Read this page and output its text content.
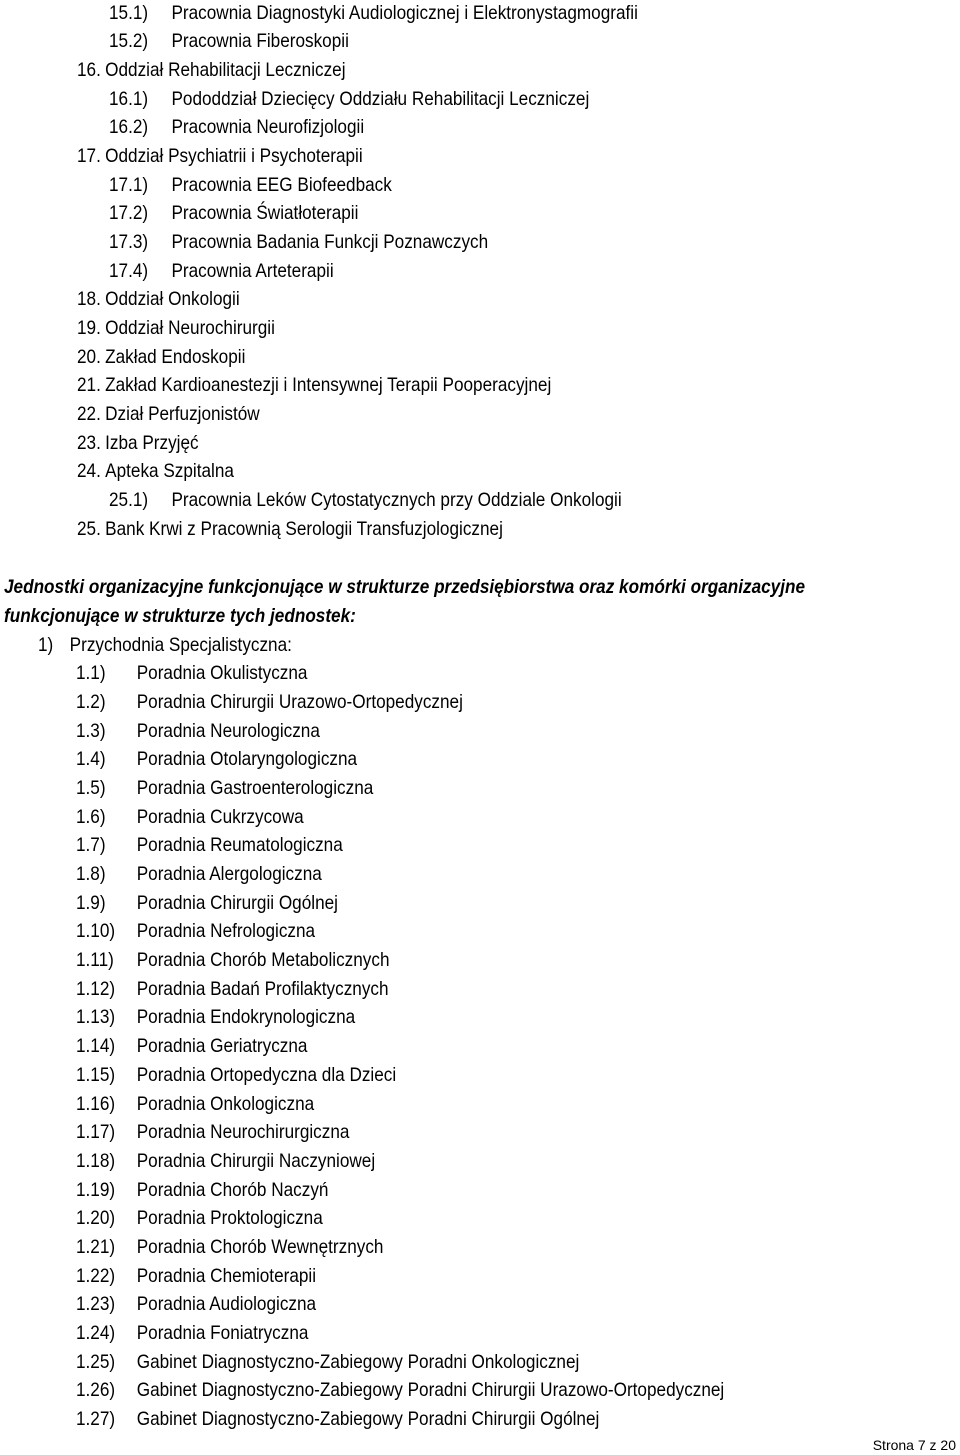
15.1) Pracownia Diagnostyki Audiologicznej i Elektronystagmografii
15.2) Pracownia Fiberoskopii
16. Oddział Rehabilitacji Leczniczej
16.1) Pododdział Dziecięcy Oddziału Rehabilitacji Leczniczej
16.2) Pracownia Neurofizjologii
17. Oddział Psychiatrii i Psychoterapii
17.1) Pracownia EEG Biofeedback
17.2) Pracownia Światłoterapii
17.3) Pracownia Badania Funkcji Poznawczych
17.4) Pracownia Arteterapii
18. Oddział Onkologii
19. Oddział Neurochirurgii
20. Zakład Endoskopii
21. Zakład Kardioanestezji i Intensywnej Terapii Pooperacyjnej
22. Dział Perfuzjonistów
23. Izba Przyjęć
24. Apteka Szpitalna
25.1) Pracownia Leków Cytostatycznych przy Oddziale Onkologii
25. Bank Krwi z Pracownią Serologii Transfuzjologicznej
Jednostki organizacyjne funkcjonujące w strukturze przedsiębiorstwa oraz komórki organizacyjne
funkcjonujące w strukturze tych jednostek:
1) Przychodnia Specjalistyczna:
1.1) Poradnia Okulistyczna
1.2) Poradnia Chirurgii Urazowo-Ortopedycznej
1.3) Poradnia Neurologiczna
1.4) Poradnia Otolaryngologiczna
1.5) Poradnia Gastroenterologiczna
1.6) Poradnia Cukrzycowa
1.7) Poradnia Reumatologiczna
1.8) Poradnia Alergologiczna
1.9) Poradnia Chirurgii Ogólnej
1.10) Poradnia Nefrologiczna
1.11) Poradnia Chorób Metabolicznych
1.12) Poradnia Badań Profilaktycznych
1.13) Poradnia Endokrynologiczna
1.14) Poradnia Geriatryczna
1.15) Poradnia Ortopedyczna dla Dzieci
1.16) Poradnia Onkologiczna
1.17) Poradnia Neurochirurgiczna
1.18) Poradnia Chirurgii Naczyniowej
1.19) Poradnia Chorób Naczyń
1.20) Poradnia Proktologiczna
1.21) Poradnia Chorób Wewnętrznych
1.22) Poradnia Chemioterapii
1.23) Poradnia Audiologiczna
1.24) Poradnia Foniatryczna
1.25) Gabinet Diagnostyczno-Zabiegowy Poradni Onkologicznej
1.26) Gabinet Diagnostyczno-Zabiegowy Poradni Chirurgii Urazowo-Ortopedycznej
1.27) Gabinet Diagnostyczno-Zabiegowy Poradni Chirurgii Ogólnej
Strona 7 z 20
